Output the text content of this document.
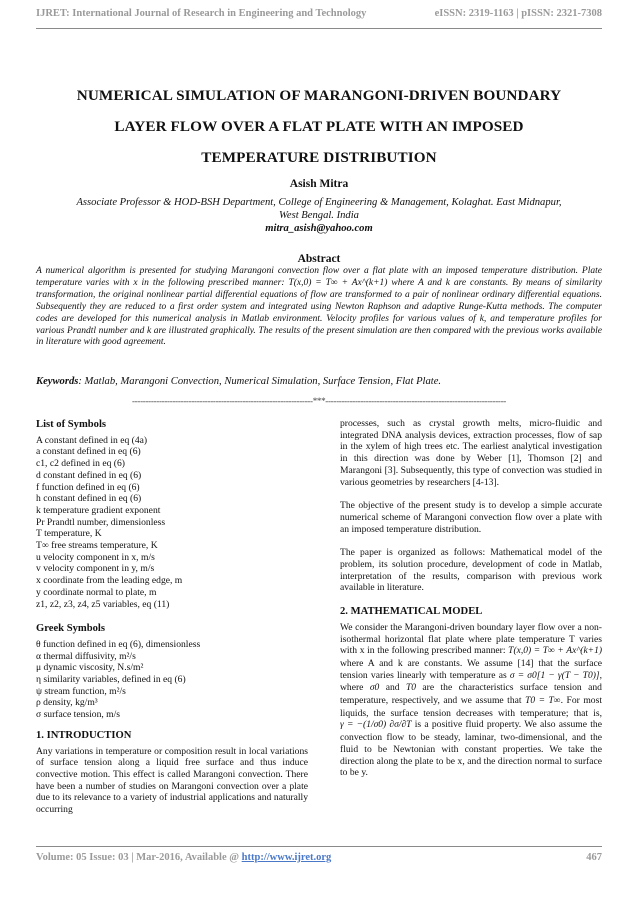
IJRET: International Journal of Research in Engineering and Technology	eISSN: 2319-1163 | pISSN: 2321-7308
NUMERICAL SIMULATION OF MARANGONI-DRIVEN BOUNDARY
LAYER FLOW OVER A FLAT PLATE WITH AN IMPOSED
TEMPERATURE DISTRIBUTION
Asish Mitra
Associate Professor & HOD-BSH Department, College of Engineering & Management, Kolaghat. East Midnapur,
West Bengal. India
mitra_asish@yahoo.com
Abstract
A numerical algorithm is presented for studying Marangoni convection flow over a flat plate with an imposed temperature distribution. Plate temperature varies with x in the following prescribed manner: T(x,0) = T∞ + Ax^(k+1) where A and k are constants. By means of similarity transformation, the original nonlinear partial differential equations of flow are transformed to a pair of nonlinear ordinary differential equations. Subsequently they are reduced to a first order system and integrated using Newton Raphson and adaptive Runge-Kutta methods. The computer codes are developed for this numerical analysis in Matlab environment. Velocity profiles for various values of k, and temperature profiles for various Prandtl number and k are illustrated graphically. The results of the present simulation are then compared with the previous works available in literature with good agreement.
Keywords: Matlab, Marangoni Convection, Numerical Simulation, Surface Tension, Flat Plate.
-------------------------------------------------------------------***-------------------------------------------------------------------
List of Symbols
A constant defined in eq (4a)
a constant defined in eq (6)
c1, c2 defined in eq (6)
d constant defined in eq (6)
f function defined in eq (6)
h constant defined in eq (6)
k temperature gradient exponent
Pr Prandtl number, dimensionless
T temperature, K
T∞ free streams temperature, K
u velocity component in x, m/s
v velocity component in y, m/s
x coordinate from the leading edge, m
y coordinate normal to plate, m
z1, z2, z3, z4, z5 variables, eq (11)
Greek Symbols
θ function defined in eq (6), dimensionless
α thermal diffusivity, m²/s
μ dynamic viscosity, N.s/m²
η similarity variables, defined in eq (6)
ψ stream function, m²/s
ρ density, kg/m³
σ surface tension, m/s
1. INTRODUCTION

Any variations in temperature or composition result in local variations of surface tension along a liquid free surface and thus induce convective motion. This effect is called Marangoni convection. There have been a number of studies on Marangoni convection over a plate due to its relevance to a variety of industrial applications and naturally occurring

processes, such as crystal growth melts, micro-fluidic and integrated DNA analysis devices, extraction processes, flow of sap in the xylem of high trees etc. The earliest analytical investigation in this direction was done by Weber [1], Thomson [2] and Marangoni [3]. Subsequently, this type of convection was studied in various geometries by researchers [4-13].

The objective of the present study is to develop a simple accurate numerical scheme of Marangoni convection flow over a plate with an imposed temperature distribution.

The paper is organized as follows: Mathematical model of the problem, its solution procedure, development of code in Matlab, interpretation of the results, comparison with previous work available in literature.

2. MATHEMATICAL MODEL

We consider the Marangoni-driven boundary layer flow over a non-isothermal horizontal flat plate where plate temperature T varies with x in the following prescribed manner: T(x,0) = T∞ + Ax^(k+1) where A and k are constants. We assume [14] that the surface tension varies linearly with temperature as σ = σ0[1 − γ(T − T0)], where σ0 and T0 are the characteristics surface tension and temperature, respectively, and we assume that T0 = T∞. For most liquids, the surface tension decreases with temperature; that is, γ = −(1/σ0) ∂σ/∂T is a positive fluid property. We also assume the convection flow to be steady, laminar, two-dimensional, and the fluid to be Newtonian with constant properties. We take the direction along the plate to be x, and the direction normal to surface to be y.

Volume: 05 Issue: 03 | Mar-2016, Available @ http://www.ijret.org	467
